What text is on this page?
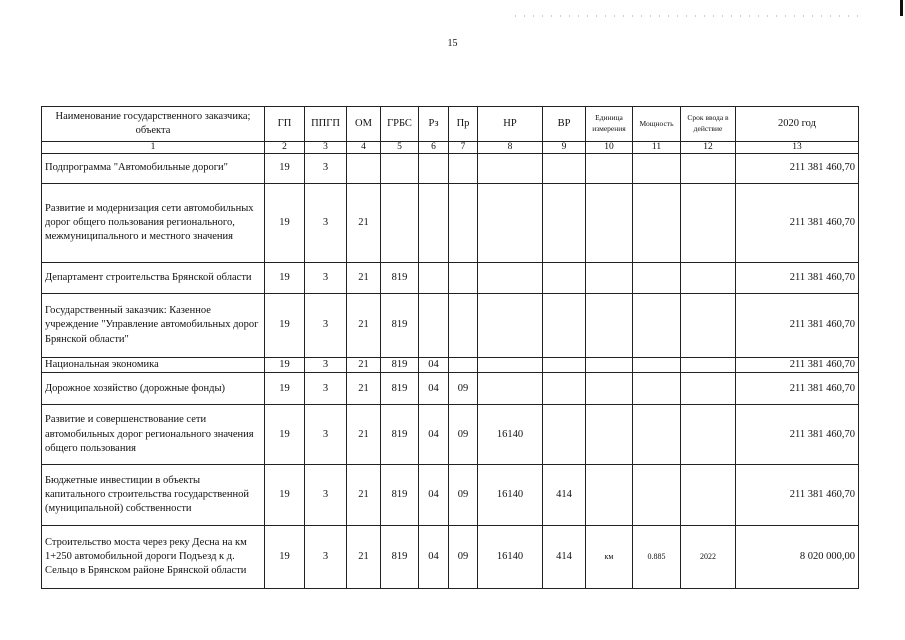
15
Наименование государственного заказчика; объекта	ГП	ППГП	ОМ	ГРБС	Рз	Пр	НР	ВР	Единица измерения	Мощность	Срок ввода в действие	2020 год
1	2	3	4	5	6	7	8	9	10	11	12	13
Подпрограмма "Автомобильные дороги"	19	3										211 381 460,70
Развитие и модернизация сети автомобильных дорог общего пользования регионального, межмуниципального и местного значения	19	3	21									211 381 460,70
Департамент строительства Брянской области	19	3	21	819								211 381 460,70
Государственный заказчик: Казенное учреждение "Управление автомобильных дорог Брянской области"	19	3	21	819								211 381 460,70
Национальная экономика	19	3	21	819	04							211 381 460,70
Дорожное хозяйство (дорожные фонды)	19	3	21	819	04	09						211 381 460,70
Развитие и совершенствование сети автомобильных дорог регионального значения общего пользования	19	3	21	819	04	09	16140					211 381 460,70
Бюджетные инвестиции в объекты капитального строительства государственной (муниципальной) собственности	19	3	21	819	04	09	16140	414				211 381 460,70
Строительство моста через реку Десна на км 1+250 автомобильной дороги Подъезд к д. Сельцо в Брянском районе Брянской области	19	3	21	819	04	09	16140	414	км	0.885	2022	8 020 000,00
